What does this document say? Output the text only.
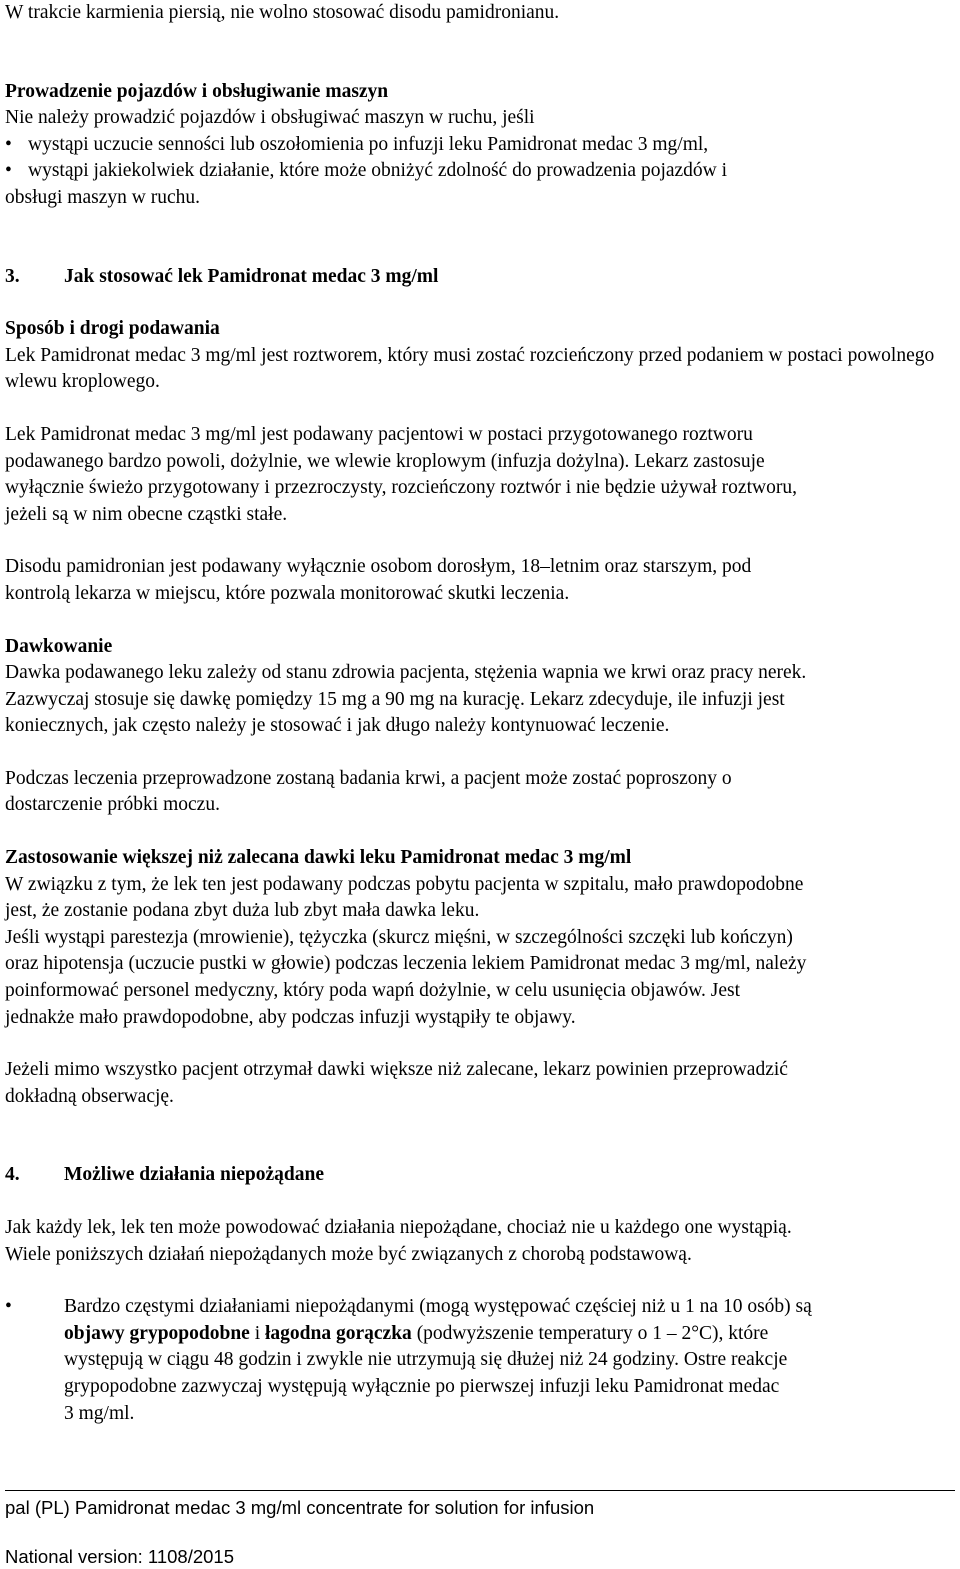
W trakcie karmienia piersią, nie wolno stosować disodu pamidronianu.

Prowadzenie pojazdów i obsługiwanie maszyn

Nie należy prowadzić pojazdów i obsługiwać maszyn w ruchu, jeśli

• wystąpi uczucie senności lub oszołomienia po infuzji leku Pamidronat medac 3 mg/ml,

• wystąpi jakiekolwiek działanie, które może obniżyć zdolność do prowadzenia pojazdów i

obsługi maszyn w ruchu.

3. Jak stosować lek Pamidronat medac 3 mg/ml

Sposób i drogi podawania

Lek Pamidronat medac 3 mg/ml jest roztworem, który musi zostać rozcieńczony przed podaniem w postaci powolnego wlewu kroplowego.

Lek Pamidronat medac 3 mg/ml jest podawany pacjentowi w postaci przygotowanego roztworu

podawanego bardzo powoli, dożylnie, we wlewie kroplowym (infuzja dożylna). Lekarz zastosuje

wyłącznie świeżo przygotowany i przezroczysty, rozcieńczony roztwór i nie będzie używał roztworu,

jeżeli są w nim obecne cząstki stałe.

Disodu pamidronian jest podawany wyłącznie osobom dorosłym, 18–letnim oraz starszym, pod

kontrolą lekarza w miejscu, które pozwala monitorować skutki leczenia.

Dawkowanie

Dawka podawanego leku zależy od stanu zdrowia pacjenta, stężenia wapnia we krwi oraz pracy nerek.

Zazwyczaj stosuje się dawkę pomiędzy 15 mg a 90 mg na kurację. Lekarz zdecyduje, ile infuzji jest

koniecznych, jak często należy je stosować i jak długo należy kontynuować leczenie.

Podczas leczenia przeprowadzone zostaną badania krwi, a pacjent może zostać poproszony o

dostarczenie próbki moczu.

Zastosowanie większej niż zalecana dawki leku Pamidronat medac 3 mg/ml

W związku z tym, że lek ten jest podawany podczas pobytu pacjenta w szpitalu, mało prawdopodobne

jest, że zostanie podana zbyt duża lub zbyt mała dawka leku.

Jeśli wystąpi parestezja (mrowienie), tężyczka (skurcz mięśni, w szczególności szczęki lub kończyn)

oraz hipotensja (uczucie pustki w głowie) podczas leczenia lekiem Pamidronat medac 3 mg/ml, należy

poinformować personel medyczny, który poda wapń dożylnie, w celu usunięcia objawów. Jest

jednakże mało prawdopodobne, aby podczas infuzji wystąpiły te objawy.

Jeżeli mimo wszystko pacjent otrzymał dawki większe niż zalecane, lekarz powinien przeprowadzić

dokładną obserwację.

4. Możliwe działania niepożądane

Jak każdy lek, lek ten może powodować działania niepożądane, chociaż nie u każdego one wystąpią.

Wiele poniższych działań niepożądanych może być związanych z chorobą podstawową.

•	Bardzo częstymi działaniami niepożądanymi (mogą występować częściej niż u 1 na 10 osób) są

objawy grypopodobne i łagodna gorączka (podwyższenie temperatury o 1 – 2°C), które

występują w ciągu 48 godzin i zwykle nie utrzymują się dłużej niż 24 godziny. Ostre reakcje

grypopodobne zazwyczaj występują wyłącznie po pierwszej infuzji leku Pamidronat medac

3 mg/ml.

pal (PL) Pamidronat medac 3 mg/ml concentrate for solution for infusion
National version: 1108/2015
